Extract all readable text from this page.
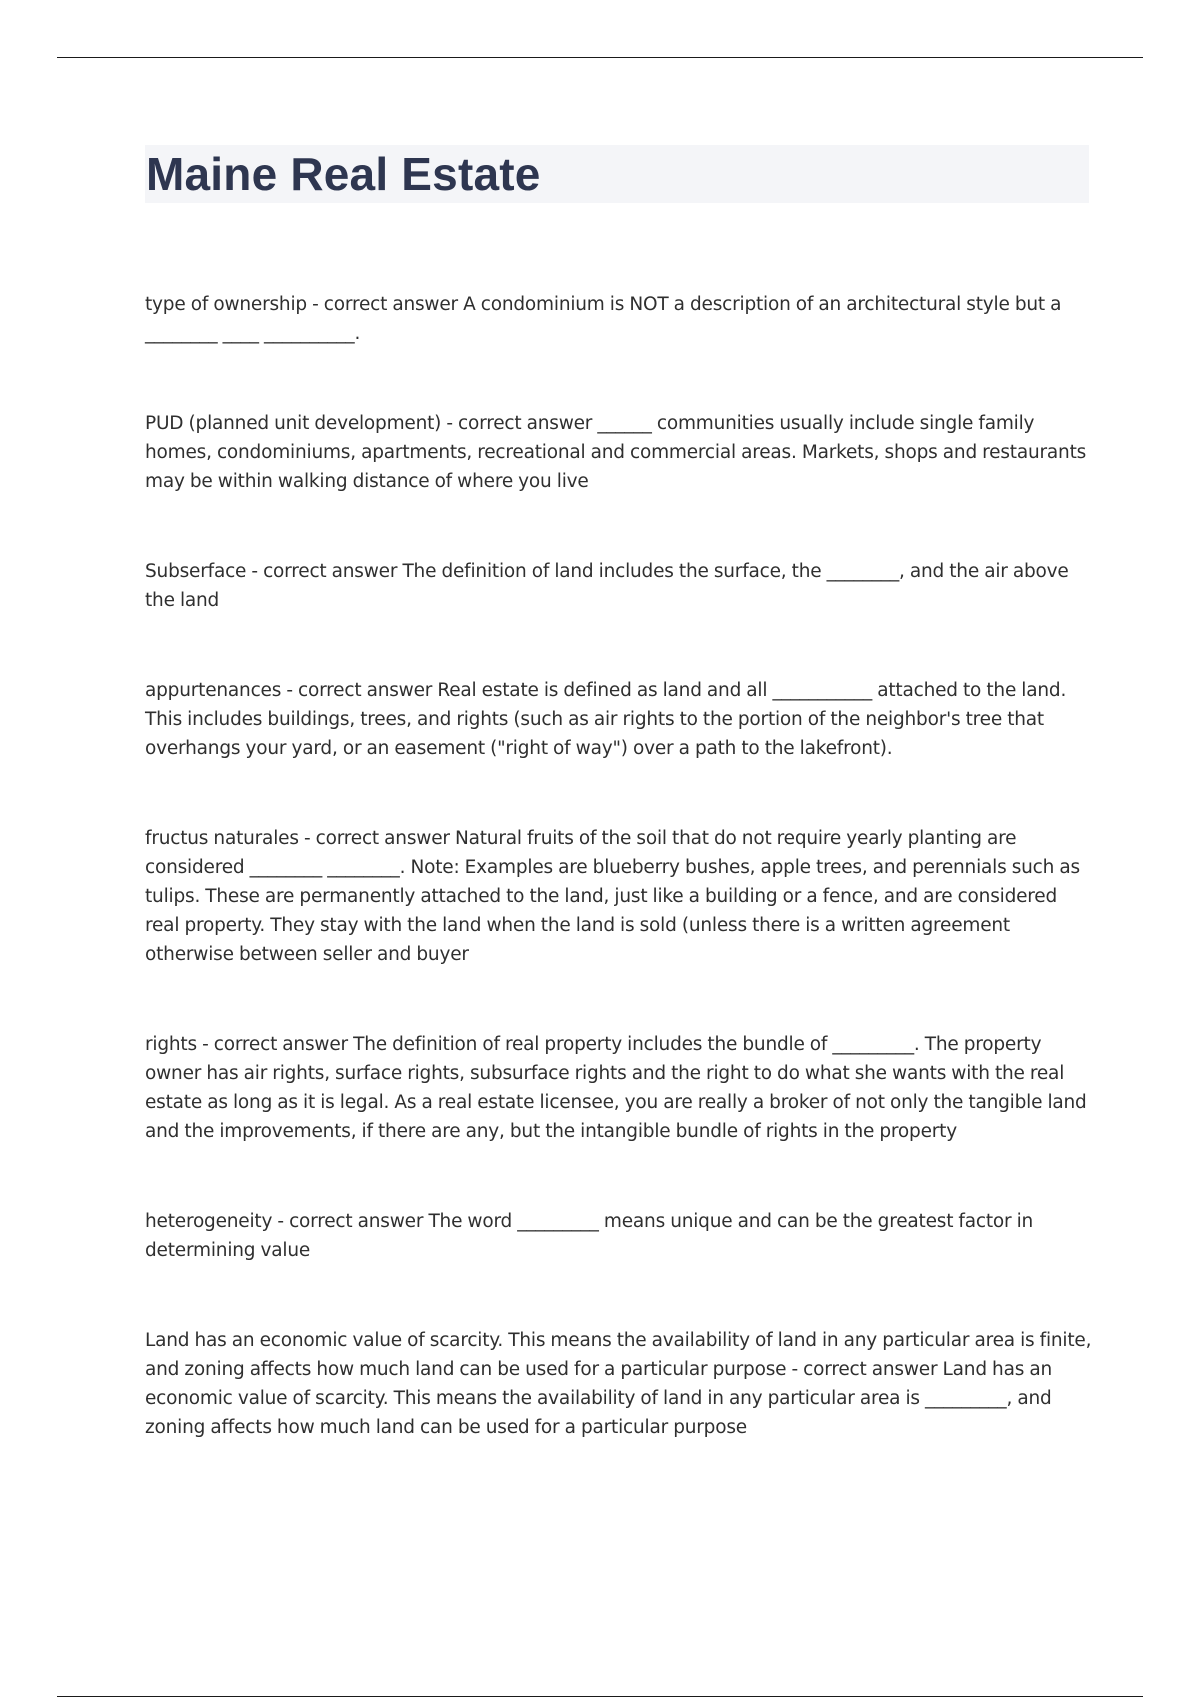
Maine Real Estate

type of ownership - correct answer A condominium is NOT a description of an architectural style but a ________ ____ __________.

PUD (planned unit development) - correct answer ______ communities usually include single family homes, condominiums, apartments, recreational and commercial areas. Markets, shops and restaurants may be within walking distance of where you live

Subserface - correct answer The definition of land includes the surface, the ________, and the air above the land

appurtenances - correct answer Real estate is defined as land and all ___________ attached to the land. This includes buildings, trees, and rights (such as air rights to the portion of the neighbor's tree that overhangs your yard, or an easement ("right of way") over a path to the lakefront).

fructus naturales - correct answer Natural fruits of the soil that do not require yearly planting are considered ________ ________. Note: Examples are blueberry bushes, apple trees, and perennials such as tulips. These are permanently attached to the land, just like a building or a fence, and are considered real property. They stay with the land when the land is sold (unless there is a written agreement otherwise between seller and buyer

rights - correct answer The definition of real property includes the bundle of _________. The property owner has air rights, surface rights, subsurface rights and the right to do what she wants with the real estate as long as it is legal. As a real estate licensee, you are really a broker of not only the tangible land and the improvements, if there are any, but the intangible bundle of rights in the property

heterogeneity - correct answer The word _________ means unique and can be the greatest factor in determining value

Land has an economic value of scarcity. This means the availability of land in any particular area is finite, and zoning affects how much land can be used for a particular purpose - correct answer Land has an economic value of scarcity. This means the availability of land in any particular area is _________, and zoning affects how much land can be used for a particular purpose
